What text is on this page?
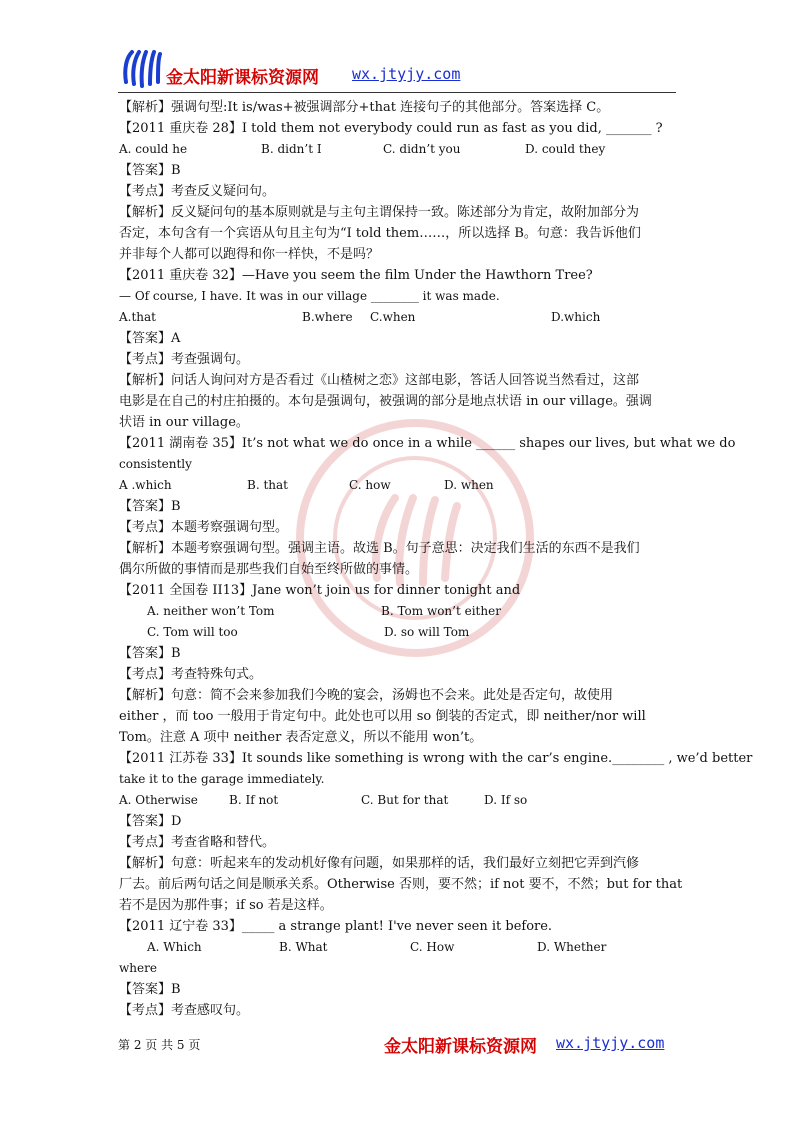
金太阳新课标资源网 wx.jtyjy.com
【解析】强调句型:It is/was+被强调部分+that 连接句子的其他部分。答案选择 C。
【2011 重庆卷 28】I told them not everybody could run as fast as you did, _______ ?
A. could he	B. didn’t I	C. didn’t you	D. could they
【答案】B
【考点】考查反义疑问句。
【解析】反义疑问句的基本原则就是与主句主谓保持一致。陈述部分为肯定，故附加部分为
否定，本句含有一个宾语从句且主句为“I told them……，所以选择 B。句意：我告诉他们
并非每个人都可以跑得和你一样快，不是吗？
【2011 重庆卷 32】—Have you seem the film Under the Hawthorn Tree?
— Of course, I have. It was in our village ________ it was made.
A.that	B.where C.when	D.which
【答案】A
【考点】考查强调句。
【解析】问话人询问对方是否看过《山楂树之恋》这部电影，答话人回答说当然看过，这部
电影是在自己的村庄拍摄的。本句是强调句，被强调的部分是地点状语 in our village。强调
状语 in our village。
【2011 湖南卷 35】It’s not what we do once in a while ______ shapes our lives, but what we do
consistently
A .which	B. that	C. how	D. when
【答案】B
【考点】本题考察强调句型。
【解析】本题考察强调句型。强调主语。故选 B。句子意思：决定我们生活的东西不是我们
偶尔所做的事情而是那些我们自始至终所做的事情。
【2011 全国卷 II13】Jane won’t join us for dinner tonight and
A. neither won’t Tom	B. Tom won’t either
C. Tom will too	D. so will Tom
【答案】B
【考点】考查特殊句式。
【解析】句意：简不会来参加我们今晚的宴会，汤姆也不会来。此处是否定句，故使用
either ，而 too 一般用于肯定句中。此处也可以用 so 倒装的否定式，即 neither/nor will
Tom。注意 A 项中 neither 表否定意义，所以不能用 won’t。
【2011 江苏卷 33】It sounds like something is wrong with the car’s engine.________ , we’d better
take it to the garage immediately.
A. Otherwise	B. If not	C. But for that	D. If so
【答案】D
【考点】考查省略和替代。
【解析】句意：听起来车的发动机好像有问题，如果那样的话，我们最好立刻把它弄到汽修
厂去。前后两句话之间是顺承关系。Otherwise 否则，要不然；if not 要不，不然；but for that
若不是因为那件事；if so 若是这样。
【2011 辽宁卷 33】_____ a strange plant! I've never seen it before.
A. Which	B. What	C. How	D. Whether
where
【答案】B
【考点】考查感叹句。
第 2 页 共 5 页	金太阳新课标资源网 wx.jtyjy.com
